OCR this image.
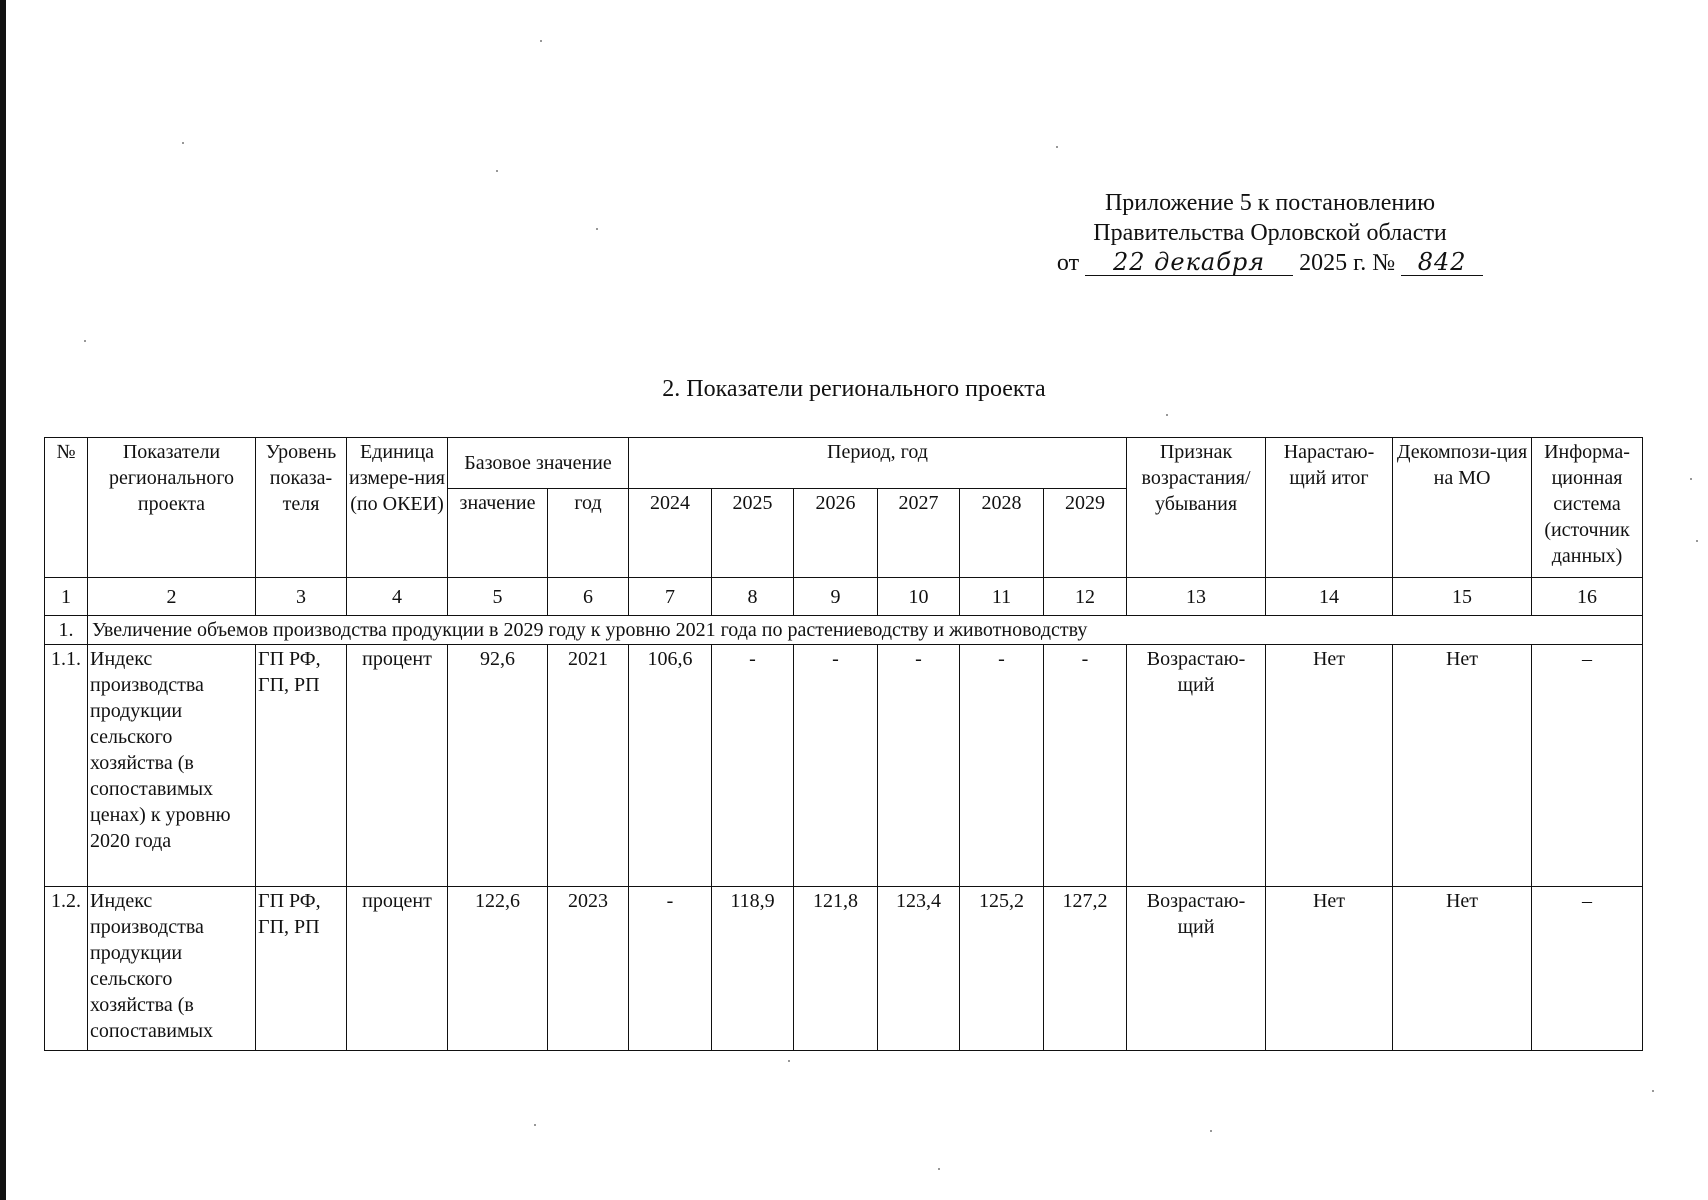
Приложение 5 к постановлению
Правительства Орловской области
от 22 декабря 2025 г. № 842
2. Показатели регионального проекта
№	Показатели регионального проекта	Уровень показа-теля	Единица измере-ния (по ОКЕИ)	Базовое значение		Период, год						Признак возрастания/ убывания	Нарастаю-щий итог	Декомпози-ция на МО	Информа-ционная система (источник данных)
				значение	год	2024	2025	2026	2027	2028	2029				
1	2	3	4	5	6	7	8	9	10	11	12	13	14	15	16
1.	Увеличение объемов производства продукции в 2029 году к уровню 2021 года по растениеводству и животноводству														
1.1.	Индекс производства продукции сельского хозяйства (в сопоставимых ценах) к уровню 2020 года	ГП РФ, ГП, РП	процент	92,6	2021	106,6	-	-	-	-	-	Возрастаю-щий	Нет	Нет	–
1.2.	Индекс производства продукции сельского хозяйства (в сопоставимых	ГП РФ, ГП, РП	процент	122,6	2023	-	118,9	121,8	123,4	125,2	127,2	Возрастаю-щий	Нет	Нет	–
